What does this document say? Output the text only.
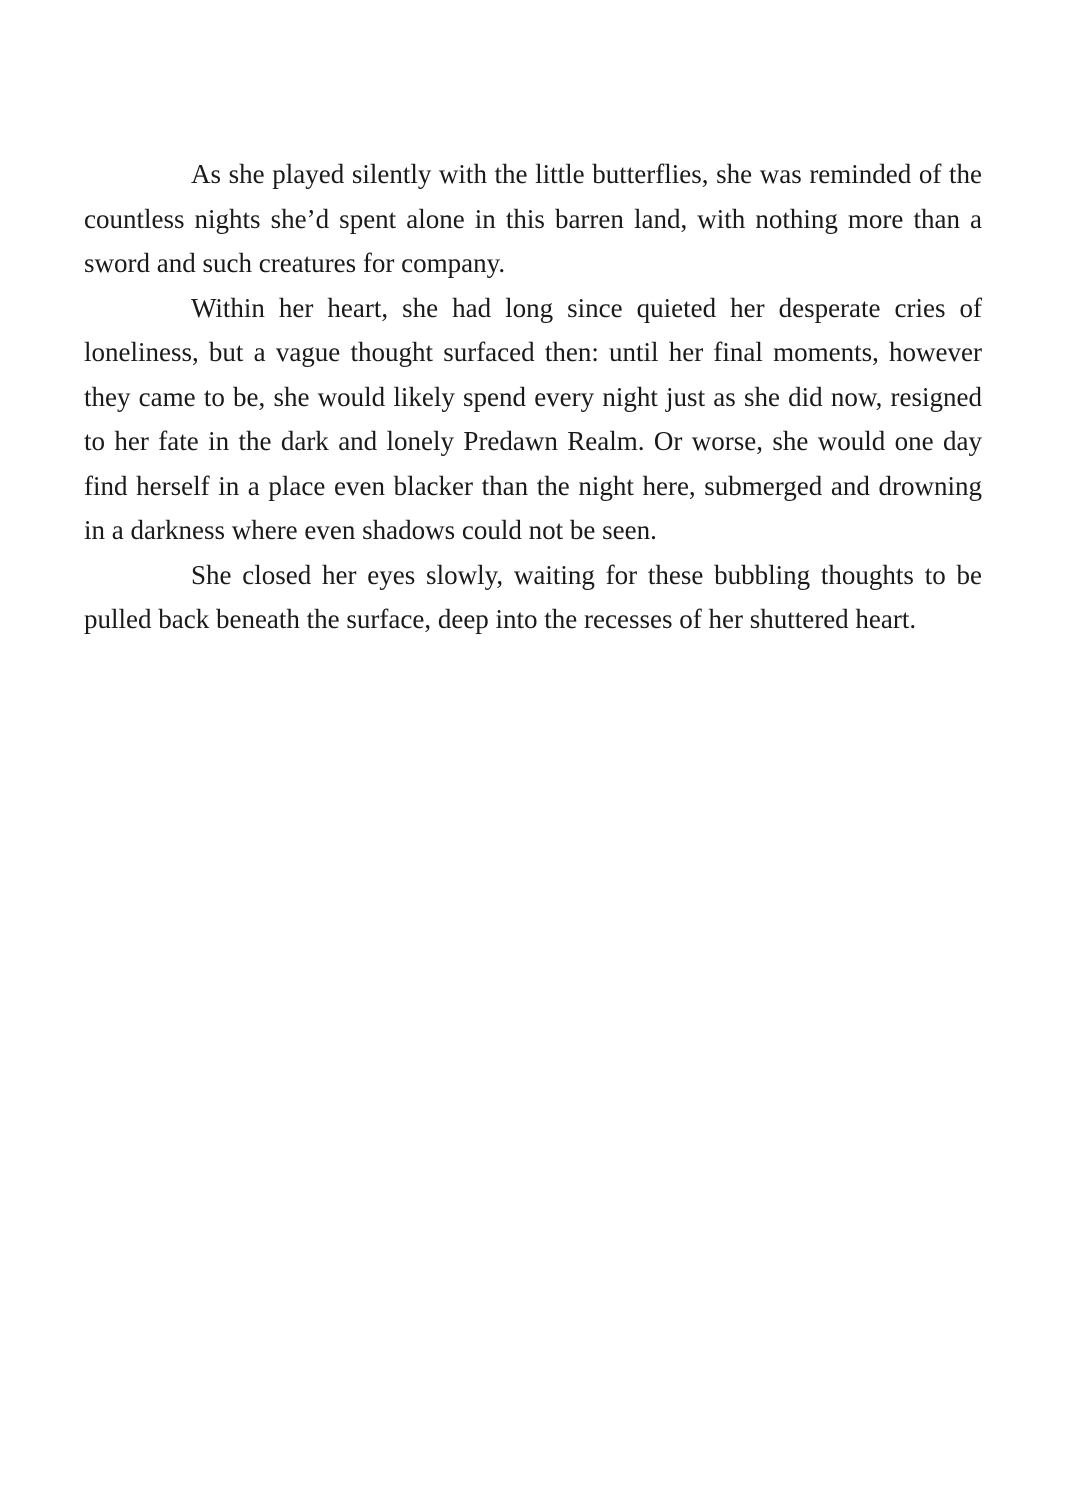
As she played silently with the little butterflies, she was reminded of the countless nights she’d spent alone in this barren land, with nothing more than a sword and such creatures for company.

Within her heart, she had long since quieted her desperate cries of loneliness, but a vague thought surfaced then: until her final moments, however they came to be, she would likely spend every night just as she did now, resigned to her fate in the dark and lonely Predawn Realm. Or worse, she would one day find herself in a place even blacker than the night here, submerged and drowning in a darkness where even shadows could not be seen.

She closed her eyes slowly, waiting for these bubbling thoughts to be pulled back beneath the surface, deep into the recesses of her shuttered heart.
